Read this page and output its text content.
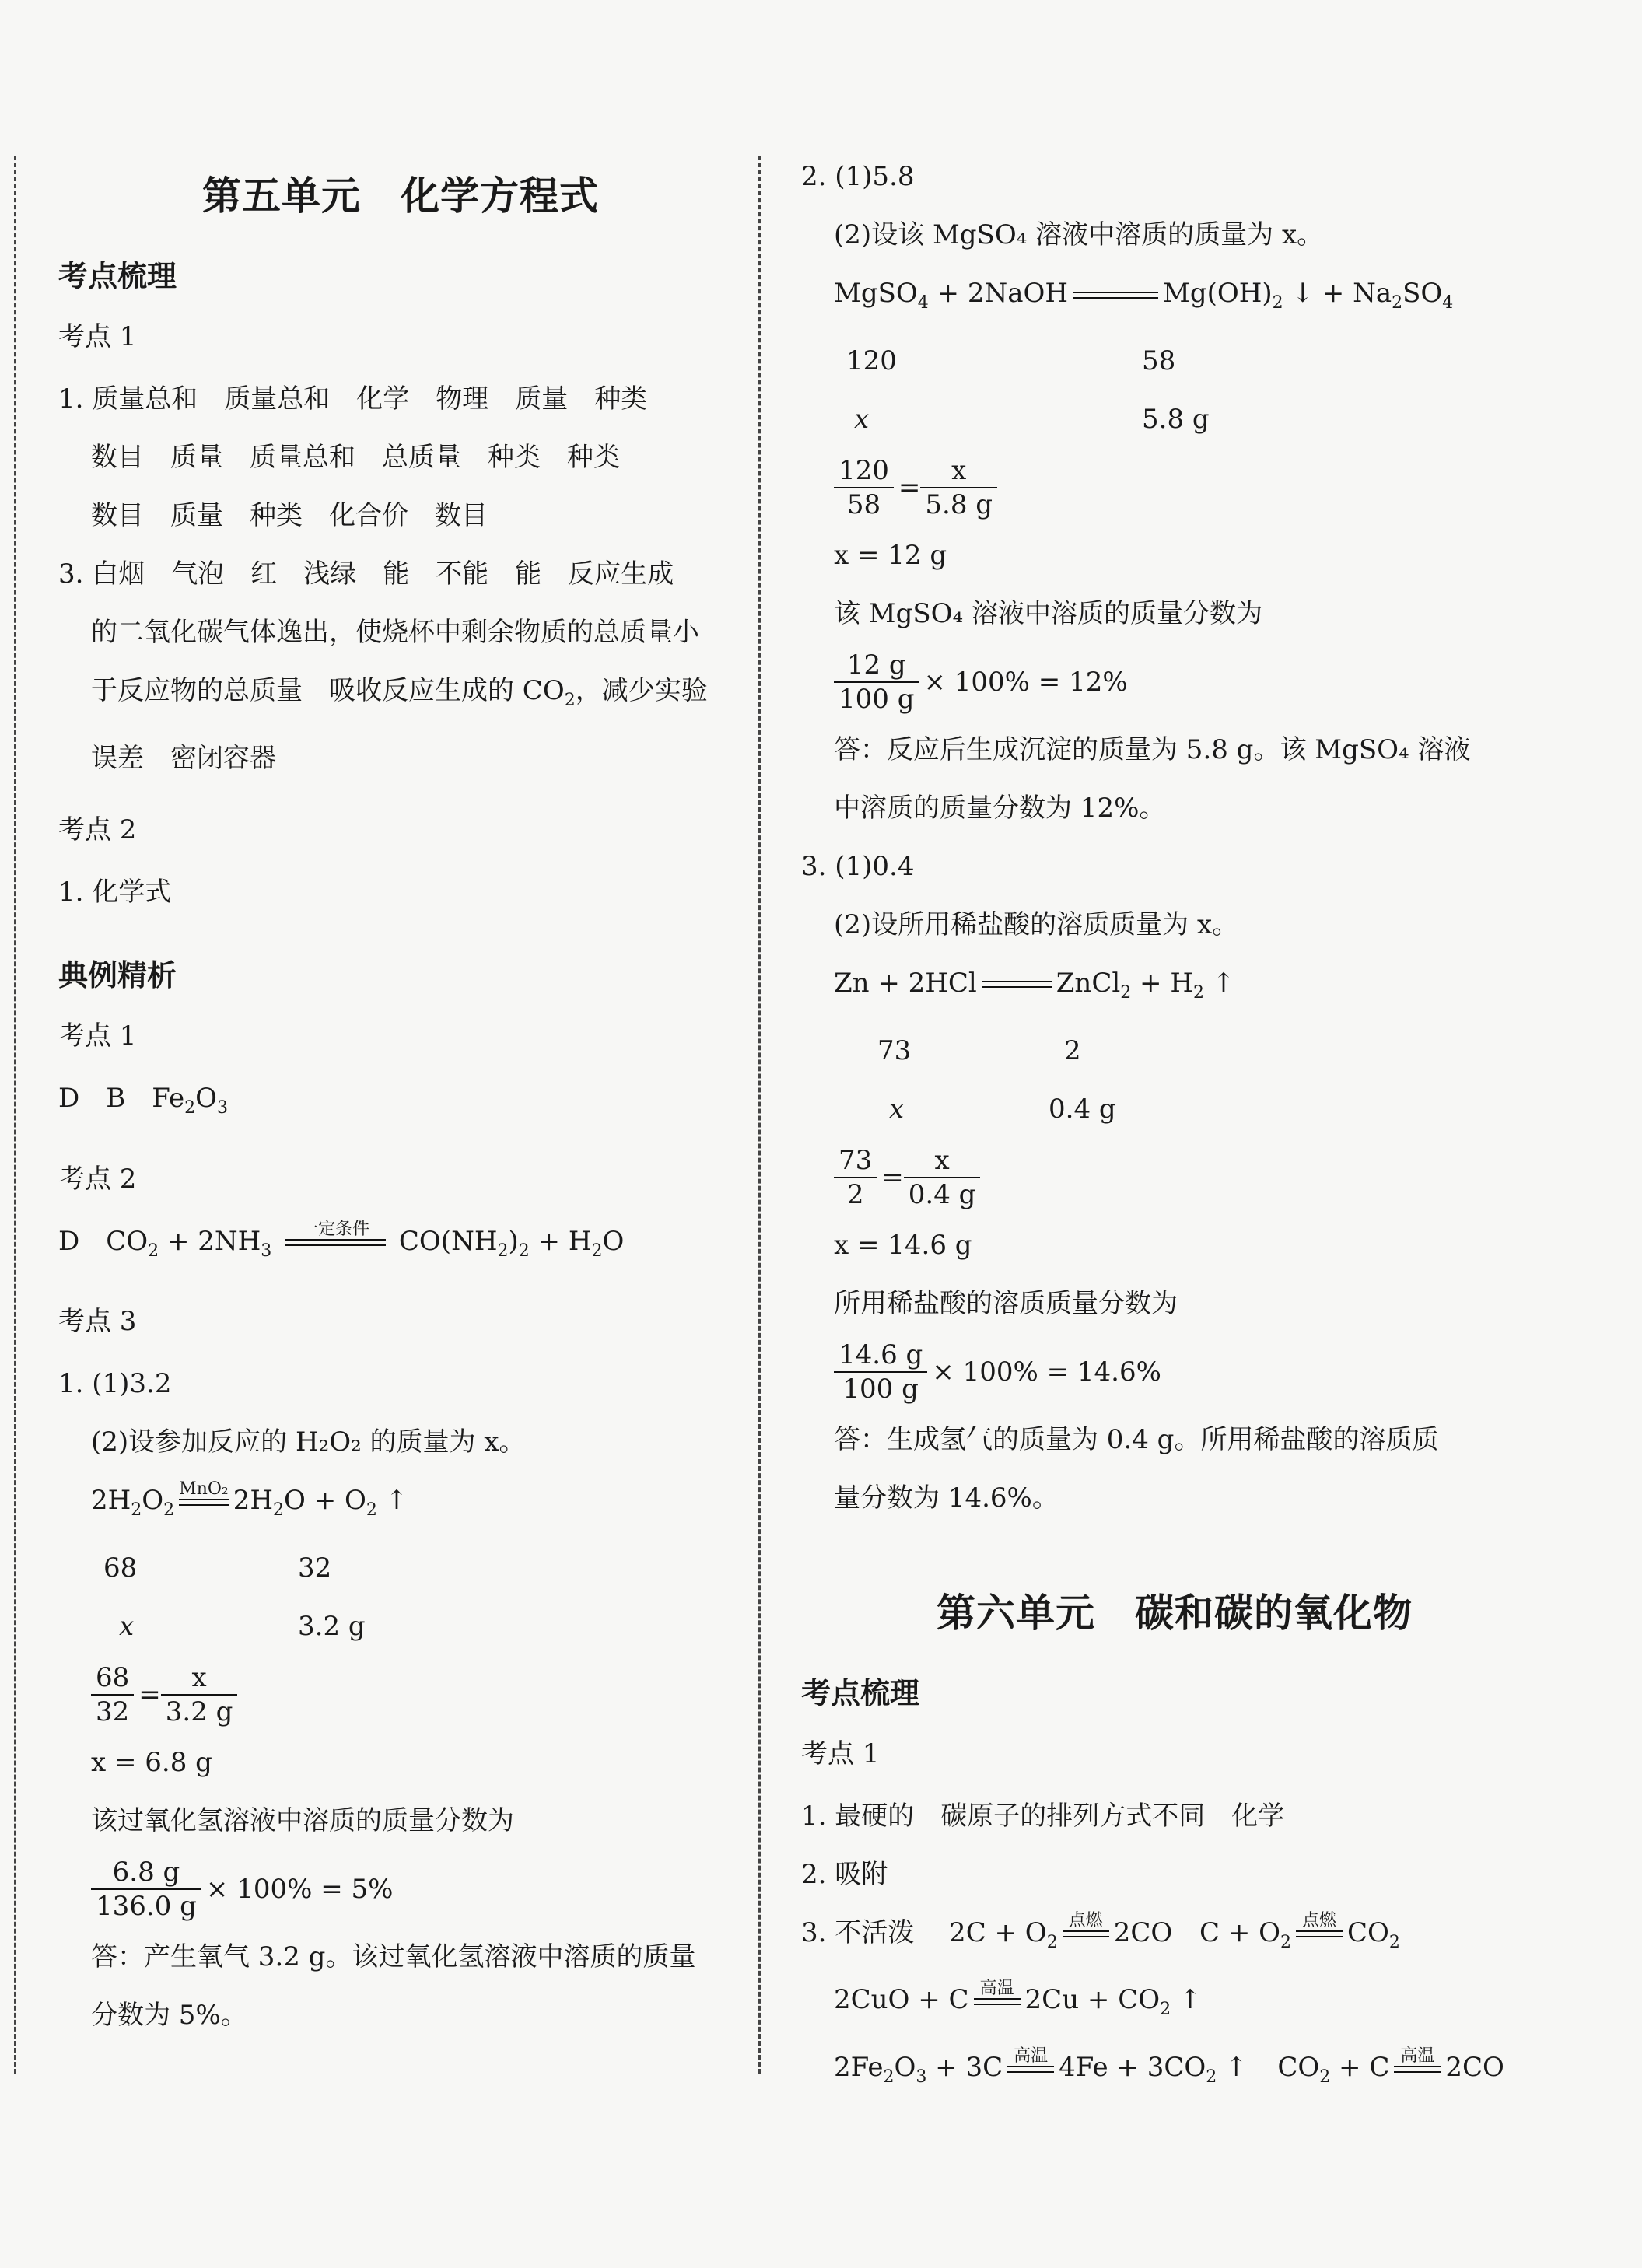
第五单元　化学方程式
考点梳理
考点 1
1. 质量总和　质量总和　化学　物理　质量　种类
数目　质量　质量总和　总质量　种类　种类
数目　质量　种类　化合价　数目
3. 白烟　气泡　红　浅绿　能　不能　能　反应生成
的二氧化碳气体逸出，使烧杯中剩余物质的总质量小
于反应物的总质量　吸收反应生成的 $CO_2$，减少实验
误差　密闭容器
考点 2
1. 化学式
典例精析
考点 1
D　B　$Fe_2O_3$
考点 2
D　$CO_2 + 2NH_3$
一定条件 $CO(NH_2)_2 + H_2O$
考点 3
1. (1)3.2
(2)设参加反应的 H₂O₂ 的质量为 x。
$2H_2O_2$
MnO₂ $2H_2O + O_2$ ↑
68	32
x	3.2 g
$\frac{68}{32} = \frac{x}{3.2 g}$
x = 6.8 g
该过氧化氢溶液中溶质的质量分数为
$\frac{6.8 g}{136.0 g} \times 100\% = 5\%$
答：产生氧气 3.2 g。该过氧化氢溶液中溶质的质量
分数为 5%。
2. (1)5.8
(2)设该 MgSO₄ 溶液中溶质的质量为 x。
MgSO$_4$ + 2NaOH	$Mg(OH)_2$ ↓ + $Na_2SO_4$
120	58
x	5.8 g
$\frac{120}{58} = \frac{x}{5.8 g}$
x = 12 g
该 MgSO₄ 溶液中溶质的质量分数为
$\frac{12 g}{100 g} \times 100\% = 12\%$
答：反应后生成沉淀的质量为 5.8 g。该 MgSO₄ 溶液
中溶质的质量分数为 12%。
3. (1)0.4
(2)设所用稀盐酸的溶质质量为 x。
Zn + 2HCl	ZnCl$_2$ + $H_2$ ↑
73	2
x	0.4 g
$\frac{73}{2} = \frac{x}{0.4 g}$
x = 14.6 g
所用稀盐酸的溶质质量分数为
$\frac{14.6 g}{100 g} \times 100\% = 14.6\%$
答：生成氢气的质量为 0.4 g。所用稀盐酸的溶质质
量分数为 14.6%。
第六单元　碳和碳的氧化物
考点梳理
考点 1
1. 最硬的　碳原子的排列方式不同　化学
2. 吸附
3. 不活泼 $2C + O_2$
点燃 2CO $C + O_2$
点燃 $CO_2$
2CuO + C 高温 $2Cu + CO_2$ ↑
$2Fe_2O_3 + 3C$ 高温 $4Fe + 3CO_2$ ↑ $CO_2 + C$ 高温 2CO
